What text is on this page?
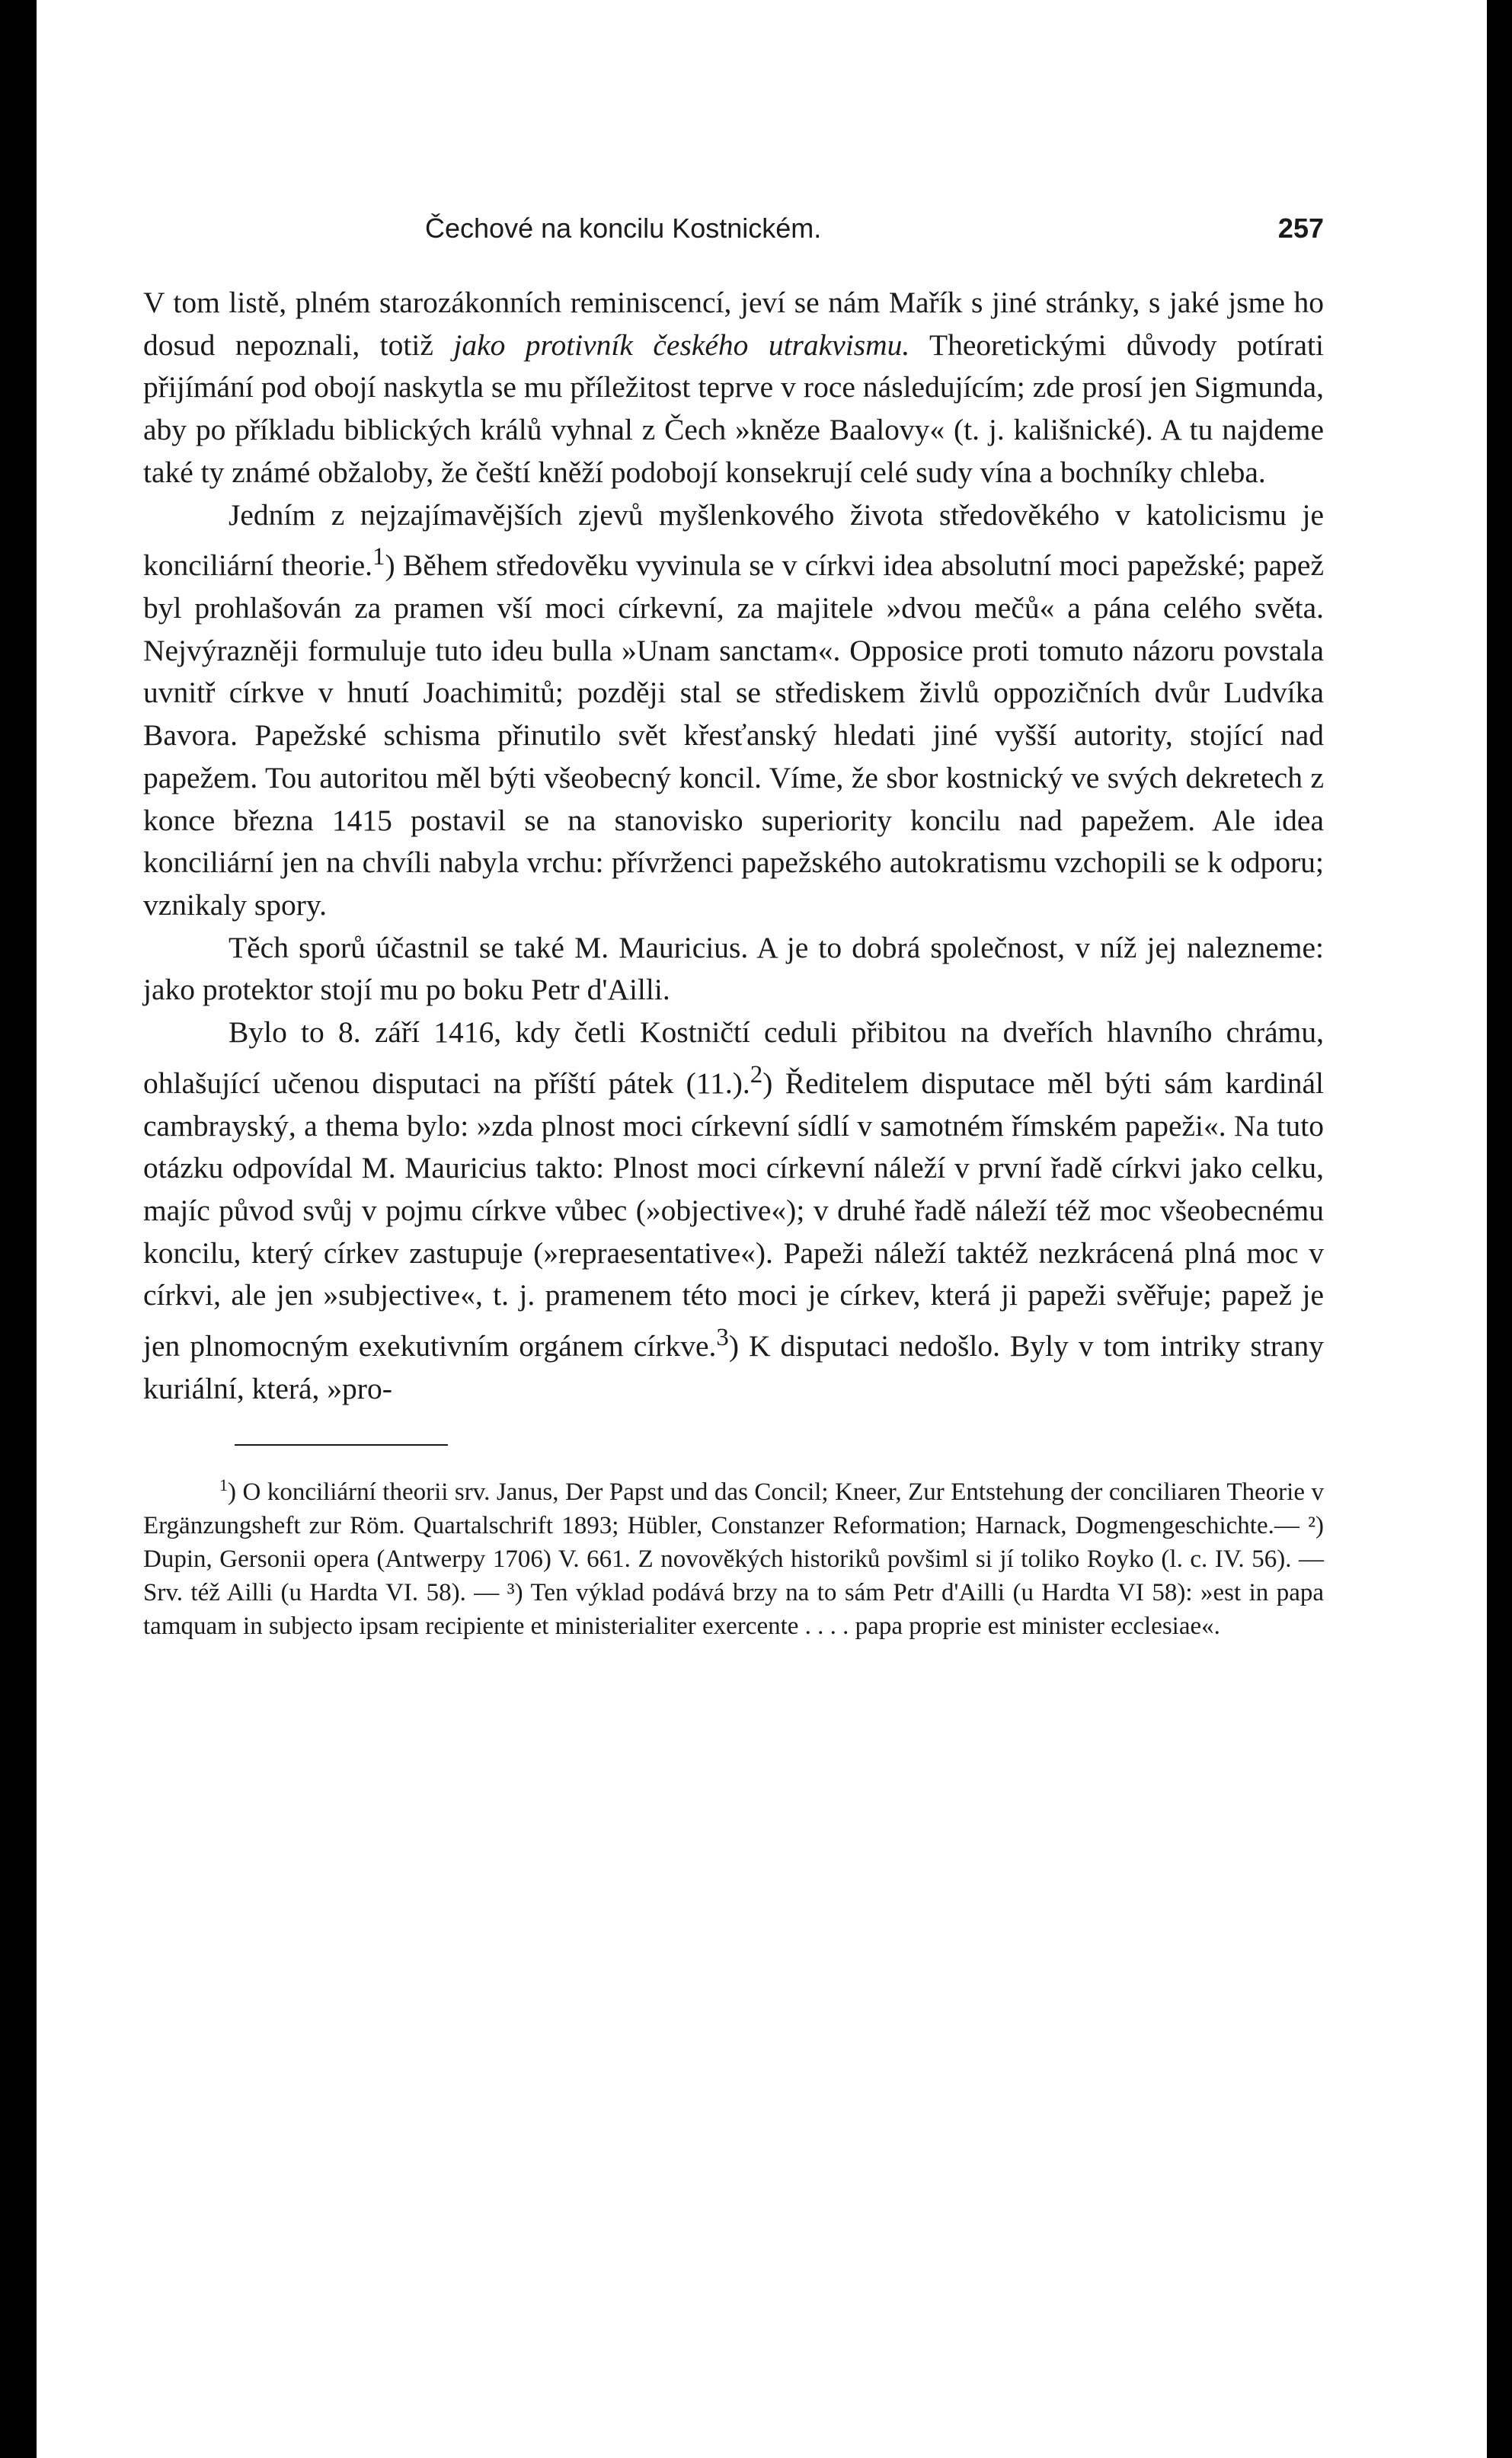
Čechové na koncilu Kostnickém.	257

V tom listě, plném starozákonních reminiscencí, jeví se nám Mařík s jiné stránky, s jaké jsme ho dosud nepoznali, totiž jako protivník českého utrakvismu. Theoretickými důvody potírati přijímání pod obojí naskytla se mu příležitost teprve v roce následujícím; zde prosí jen Sigmunda, aby po příkladu biblických králů vyhnal z Čech »kněze Baalovy« (t. j. kališnické). A tu najdeme také ty známé obžaloby, že čeští kněží podobojí konsekrují celé sudy vína a bochníky chleba.

Jedním z nejzajímavějších zjevů myšlenkového života středověkého v katolicismu je konciliární theorie.$^1$) Během středověku vyvinula se v církvi idea absolutní moci papežské; papež byl prohlašován za pramen vší moci církevní, za majitele »dvou mečů« a pána celého světa. Nejvýrazněji formuluje tuto ideu bulla »Unam sanctam«. Opposice proti tomuto názoru povstala uvnitř církve v hnutí Joachimitů; později stal se střediskem živlů oppozičních dvůr Ludvíka Bavora. Papežské schisma přinutilo svět křesťanský hledati jiné vyšší autority, stojící nad papežem. Tou autoritou měl býti všeobecný koncil. Víme, že sbor kostnický ve svých dekretech z konce března 1415 postavil se na stanovisko superiority koncilu nad papežem. Ale idea konciliární jen na chvíli nabyla vrchu: přívrženci papežského autokratismu vzchopili se k odporu; vznikaly spory.

Těch sporů účastnil se také M. Mauricius. A je to dobrá společnost, v níž jej nalezneme: jako protektor stojí mu po boku Petr d'Ailli.

Bylo to 8. září 1416, kdy četli Kostničtí ceduli přibitou na dveřích hlavního chrámu, ohlašující učenou disputaci na příští pátek (11.).$^2$) Ředitelem disputace měl býti sám kardinál cambrayský, a thema bylo: »zda plnost moci církevní sídlí v samotném římském papeži«. Na tuto otázku odpovídal M. Mauricius takto: Plnost moci církevní náleží v první řadě církvi jako celku, majíc původ svůj v pojmu církve vůbec (»objective«); v druhé řadě náleží též moc všeobecnému koncilu, který církev zastupuje (»repraesentative«). Papeži náleží taktéž nezkrácená plná moc v církvi, ale jen »subjective«, t. j. pramenem této moci je církev, která ji papeži svěřuje; papež je jen plnomocným exekutivním orgánem církve.$^3$) K disputaci nedošlo. Byly v tom intriky strany kuriální, která, »pro-

$^1$) O konciliární theorii srv. Janus, Der Papst und das Concil; Kneer, Zur Entstehung der conciliaren Theorie v Ergänzungsheft zur Röm. Quartalschrift 1893; Hübler, Constanzer Reformation; Harnack, Dogmengeschichte.— ²) Dupin, Gersonii opera (Antwerpy 1706) V. 661. Z novověkých historiků povšiml si jí toliko Royko (l. c. IV. 56). — Srv. též Ailli (u Hardta VI. 58). — ³) Ten výklad podává brzy na to sám Petr d'Ailli (u Hardta VI 58): »est in papa tamquam in subjecto ipsam recipiente et ministerialiter exercente . . . . papa proprie est minister ecclesiae«.
